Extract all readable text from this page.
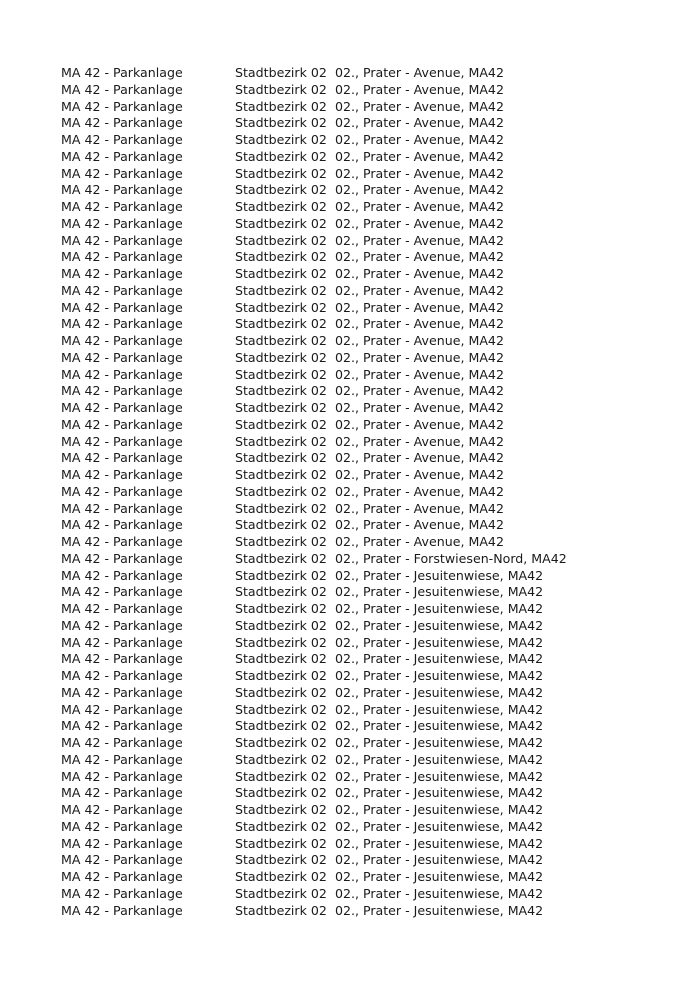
MA 42 - Parkanlage	Stadtbezirk 02 02., Prater - Avenue, MA42
MA 42 - Parkanlage	Stadtbezirk 02 02., Prater - Avenue, MA42
MA 42 - Parkanlage	Stadtbezirk 02 02., Prater - Avenue, MA42
MA 42 - Parkanlage	Stadtbezirk 02 02., Prater - Avenue, MA42
MA 42 - Parkanlage	Stadtbezirk 02 02., Prater - Avenue, MA42
MA 42 - Parkanlage	Stadtbezirk 02 02., Prater - Avenue, MA42
MA 42 - Parkanlage	Stadtbezirk 02 02., Prater - Avenue, MA42
MA 42 - Parkanlage	Stadtbezirk 02 02., Prater - Avenue, MA42
MA 42 - Parkanlage	Stadtbezirk 02 02., Prater - Avenue, MA42
MA 42 - Parkanlage	Stadtbezirk 02 02., Prater - Avenue, MA42
MA 42 - Parkanlage	Stadtbezirk 02 02., Prater - Avenue, MA42
MA 42 - Parkanlage	Stadtbezirk 02 02., Prater - Avenue, MA42
MA 42 - Parkanlage	Stadtbezirk 02 02., Prater - Avenue, MA42
MA 42 - Parkanlage	Stadtbezirk 02 02., Prater - Avenue, MA42
MA 42 - Parkanlage	Stadtbezirk 02 02., Prater - Avenue, MA42
MA 42 - Parkanlage	Stadtbezirk 02 02., Prater - Avenue, MA42
MA 42 - Parkanlage	Stadtbezirk 02 02., Prater - Avenue, MA42
MA 42 - Parkanlage	Stadtbezirk 02 02., Prater - Avenue, MA42
MA 42 - Parkanlage	Stadtbezirk 02 02., Prater - Avenue, MA42
MA 42 - Parkanlage	Stadtbezirk 02 02., Prater - Avenue, MA42
MA 42 - Parkanlage	Stadtbezirk 02 02., Prater - Avenue, MA42
MA 42 - Parkanlage	Stadtbezirk 02 02., Prater - Avenue, MA42
MA 42 - Parkanlage	Stadtbezirk 02 02., Prater - Avenue, MA42
MA 42 - Parkanlage	Stadtbezirk 02 02., Prater - Avenue, MA42
MA 42 - Parkanlage	Stadtbezirk 02 02., Prater - Avenue, MA42
MA 42 - Parkanlage	Stadtbezirk 02 02., Prater - Avenue, MA42
MA 42 - Parkanlage	Stadtbezirk 02 02., Prater - Avenue, MA42
MA 42 - Parkanlage	Stadtbezirk 02 02., Prater - Avenue, MA42
MA 42 - Parkanlage	Stadtbezirk 02 02., Prater - Avenue, MA42
MA 42 - Parkanlage	Stadtbezirk 02 02., Prater - Forstwiesen-Nord, MA42
MA 42 - Parkanlage	Stadtbezirk 02 02., Prater - Jesuitenwiese, MA42
MA 42 - Parkanlage	Stadtbezirk 02 02., Prater - Jesuitenwiese, MA42
MA 42 - Parkanlage	Stadtbezirk 02 02., Prater - Jesuitenwiese, MA42
MA 42 - Parkanlage	Stadtbezirk 02 02., Prater - Jesuitenwiese, MA42
MA 42 - Parkanlage	Stadtbezirk 02 02., Prater - Jesuitenwiese, MA42
MA 42 - Parkanlage	Stadtbezirk 02 02., Prater - Jesuitenwiese, MA42
MA 42 - Parkanlage	Stadtbezirk 02 02., Prater - Jesuitenwiese, MA42
MA 42 - Parkanlage	Stadtbezirk 02 02., Prater - Jesuitenwiese, MA42
MA 42 - Parkanlage	Stadtbezirk 02 02., Prater - Jesuitenwiese, MA42
MA 42 - Parkanlage	Stadtbezirk 02 02., Prater - Jesuitenwiese, MA42
MA 42 - Parkanlage	Stadtbezirk 02 02., Prater - Jesuitenwiese, MA42
MA 42 - Parkanlage	Stadtbezirk 02 02., Prater - Jesuitenwiese, MA42
MA 42 - Parkanlage	Stadtbezirk 02 02., Prater - Jesuitenwiese, MA42
MA 42 - Parkanlage	Stadtbezirk 02 02., Prater - Jesuitenwiese, MA42
MA 42 - Parkanlage	Stadtbezirk 02 02., Prater - Jesuitenwiese, MA42
MA 42 - Parkanlage	Stadtbezirk 02 02., Prater - Jesuitenwiese, MA42
MA 42 - Parkanlage	Stadtbezirk 02 02., Prater - Jesuitenwiese, MA42
MA 42 - Parkanlage	Stadtbezirk 02 02., Prater - Jesuitenwiese, MA42
MA 42 - Parkanlage	Stadtbezirk 02 02., Prater - Jesuitenwiese, MA42
MA 42 - Parkanlage	Stadtbezirk 02 02., Prater - Jesuitenwiese, MA42
MA 42 - Parkanlage	Stadtbezirk 02 02., Prater - Jesuitenwiese, MA42
